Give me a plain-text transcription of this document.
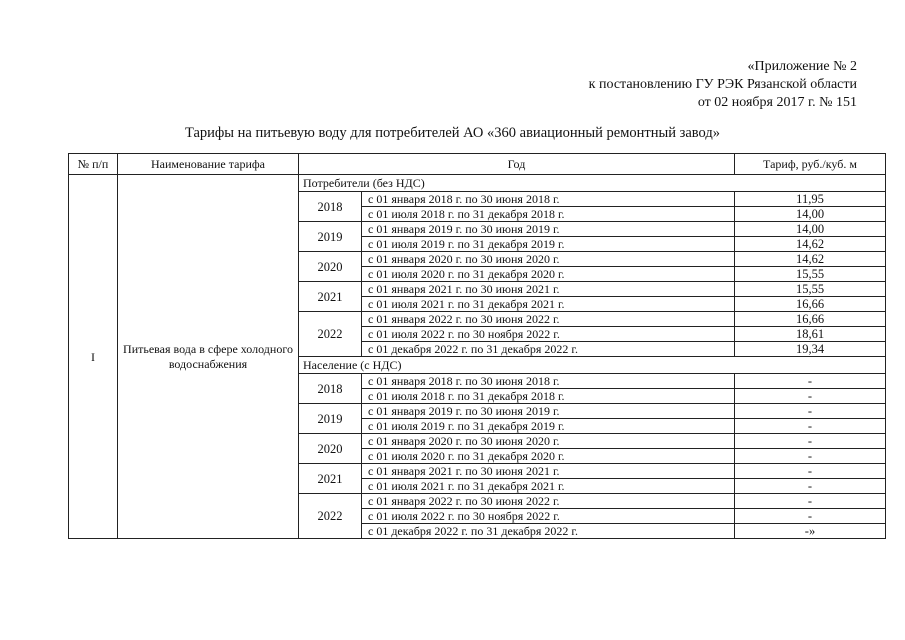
«Приложение № 2
к постановлению ГУ РЭК Рязанской области
от 02 ноября 2017 г. № 151
Тарифы на питьевую воду для потребителей АО «360 авиационный ремонтный завод»
№ п/п	Наименование тарифа	Год		Тариф, руб./куб. м
I	Питьевая вода в сфере холодного водоснабжения	Потребители (без НДС)		
		2018	с 01 января 2018 г. по 30 июня 2018 г.	11,95
			с 01 июля 2018 г. по 31 декабря 2018 г.	14,00
		2019	с 01 января 2019 г. по 30 июня 2019 г.	14,00
			с 01 июля 2019 г. по 31 декабря 2019 г.	14,62
		2020	с 01 января 2020 г. по 30 июня 2020 г.	14,62
			с 01 июля 2020 г. по 31 декабря 2020 г.	15,55
		2021	с 01 января 2021 г. по 30 июня 2021 г.	15,55
			с 01 июля 2021 г. по 31 декабря 2021 г.	16,66
		2022	с 01 января 2022 г. по 30 июня 2022 г.	16,66
			с 01 июля 2022 г. по 30 ноября 2022 г.	18,61
			с 01 декабря 2022 г. по 31 декабря 2022 г.	19,34
		Население (с НДС)		
		2018	с 01 января 2018 г. по 30 июня 2018 г.	-
			с 01 июля 2018 г. по 31 декабря 2018 г.	-
		2019	с 01 января 2019 г. по 30 июня 2019 г.	-
			с 01 июля 2019 г. по 31 декабря 2019 г.	-
		2020	с 01 января 2020 г. по 30 июня 2020 г.	-
			с 01 июля 2020 г. по 31 декабря 2020 г.	-
		2021	с 01 января 2021 г. по 30 июня 2021 г.	-
			с 01 июля 2021 г. по 31 декабря 2021 г.	-
		2022	с 01 января 2022 г. по 30 июня 2022 г.	-
			с 01 июля 2022 г. по 30 ноября 2022 г.	-
			с 01 декабря 2022 г. по 31 декабря 2022 г.	-»
